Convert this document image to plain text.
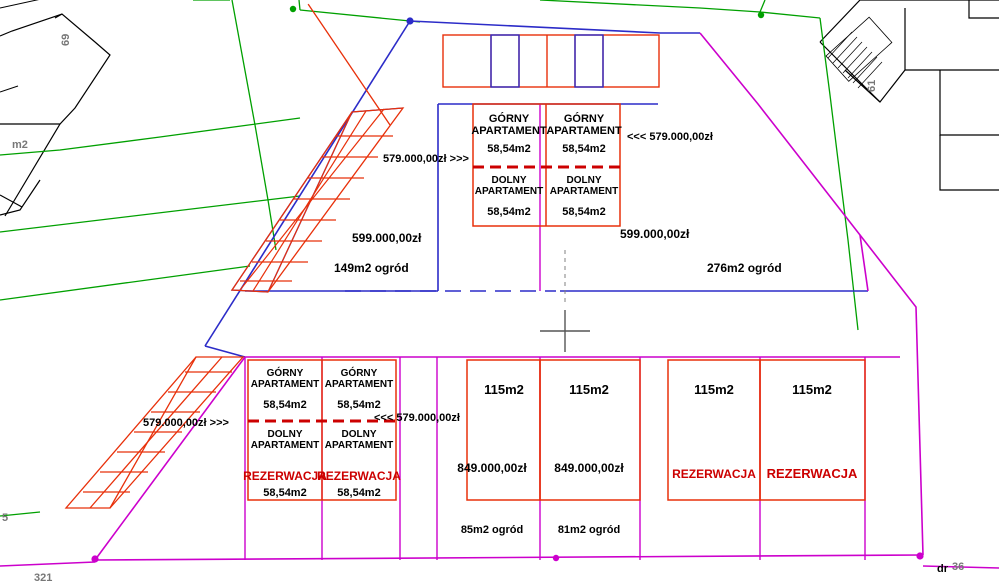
m2
69
61
5
36
321
dr
GÓRNY
APARTAMENT
58,54m2
DOLNY
APARTAMENT
58,54m2
GÓRNY
APARTAMENT
58,54m2
DOLNY
APARTAMENT
58,54m2
579.000,00zł >>>
<<< 579.000,00zł
599.000,00zł	599.000,00zł
149m2 ogród	276m2 ogród
GÓRNY
APARTAMENT
58,54m2
DOLNY
APARTAMENT
REZERWACJA
58,54m2
GÓRNY
APARTAMENT
58,54m2
DOLNY
APARTAMENT
REZERWACJA
58,54m2
579.000,00zł >>>	<<< 579.000,00zł
115m2
849.000,00zł
85m2 ogród
115m2
849.000,00zł
81m2 ogród
115m2
REZERWACJA
115m2
REZERWACJA
